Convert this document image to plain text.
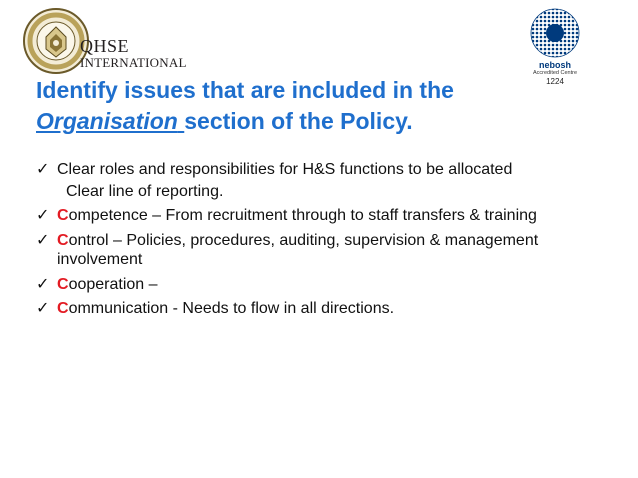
QHSE
INTERNATIONAL	nebosh
Accredited Centre
1224
Identify issues that are included in the
Organisation section of the Policy.
✓ Clear roles and responsibilities for H&S functions to be allocated
Clear line of reporting.
✓ Competence – From recruitment through to staff transfers & training
✓ Control – Policies, procedures, auditing, supervision & management involvement
✓ Cooperation –
✓ Communication - Needs to flow in all directions.
